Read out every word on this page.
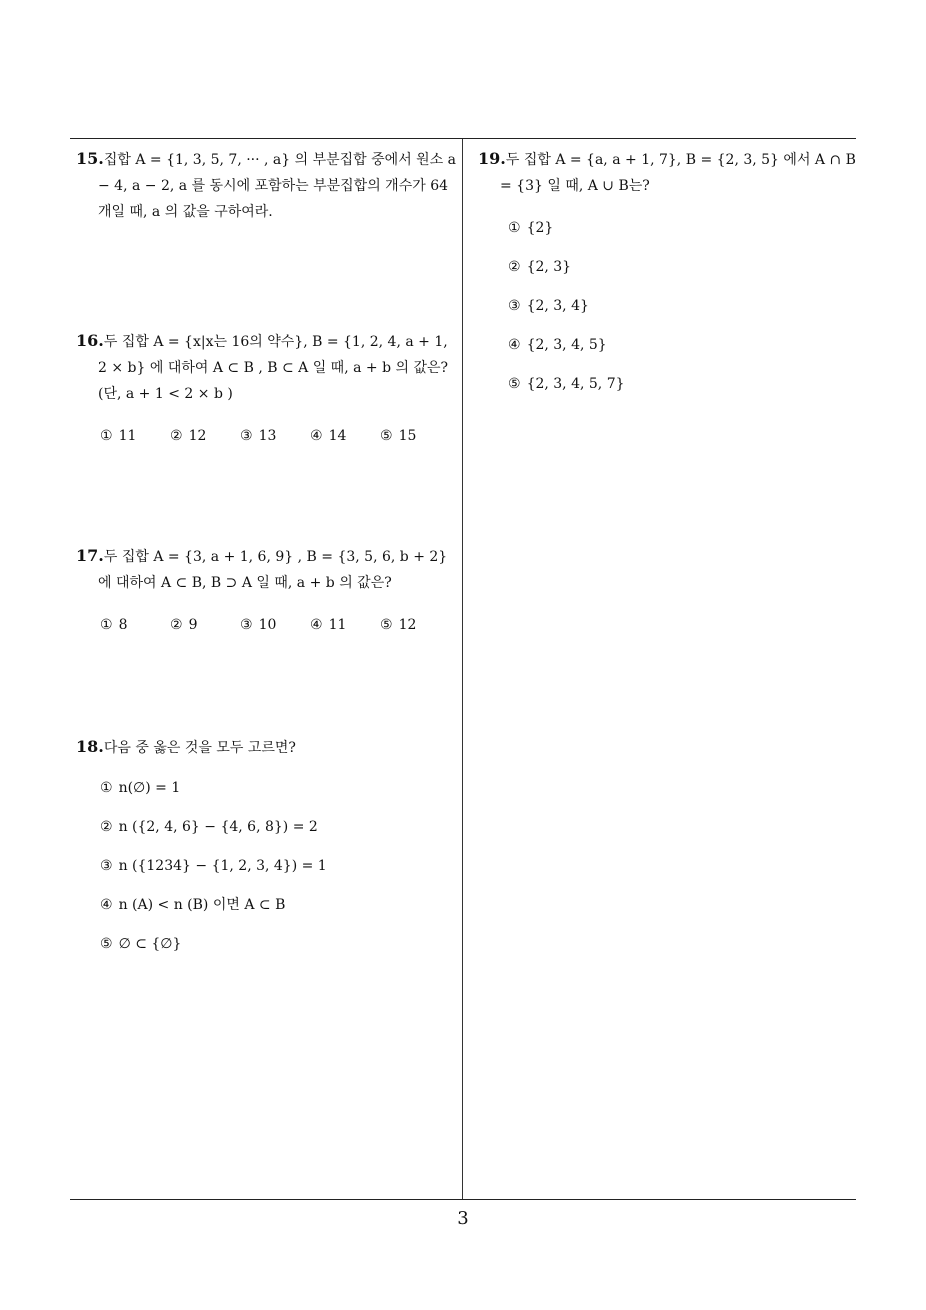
15.집합 A = {1, 3, 5, 7, ··· , a} 의 부분집합 중에서 원소 a − 4, a − 2, a 를 동시에 포함하는 부분집합의 개수가 64 개일 때, a 의 값을 구하여라.

16.두 집합 A = {x|x는 16의 약수}, B = {1, 2, 4, a + 1, 2 × b} 에 대하여 A ⊂ B , B ⊂ A 일 때, a + b 의 값은?(단, a + 1 < 2 × b )

① 11 ② 12 ③ 13 ④ 14 ⑤ 15

17.두 집합 A = {3, a + 1, 6, 9} , B = {3, 5, 6, b + 2} 에 대하여 A ⊂ B, B ⊃ A 일 때, a + b 의 값은?

① 8	② 9	③ 10 ④ 11 ⑤ 12

18.다음 중 옳은 것을 모두 고르면?

① n(∅) = 1
② n ({2, 4, 6} − {4, 6, 8}) = 2
③ n ({1234} − {1, 2, 3, 4}) = 1
④ n (A) < n (B) 이면 A ⊂ B
⑤ ∅ ⊂ {∅}

19.두 집합 A = {a, a + 1, 7}, B = {2, 3, 5} 에서 A ∩ B = {3} 일 때, A ∪ B는?

① {2}② {2, 3}③ {2, 3, 4}④ {2, 3, 4, 5}⑤ {2, 3, 4, 5, 7}
3
